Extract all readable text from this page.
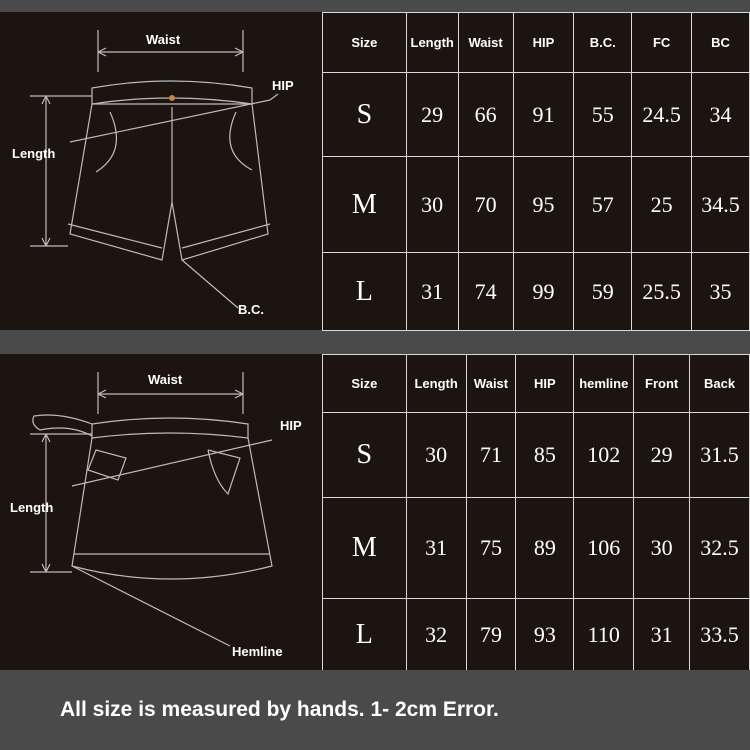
Waist
HIP
Length
B.C.
Size	Length	Waist	HIP	B.C.	FC	BC
S	29	66	91	55	24.5	34
M	30	70	95	57	25	34.5
L	31	74	99	59	25.5	35
Waist
HIP
Length
Hemline
Size	Length	Waist	HIP	hemline	Front	Back
S	30	71	85	102	29	31.5
M	31	75	89	106	30	32.5
L	32	79	93	110	31	33.5
All size is measured by hands. 1- 2cm Error.
